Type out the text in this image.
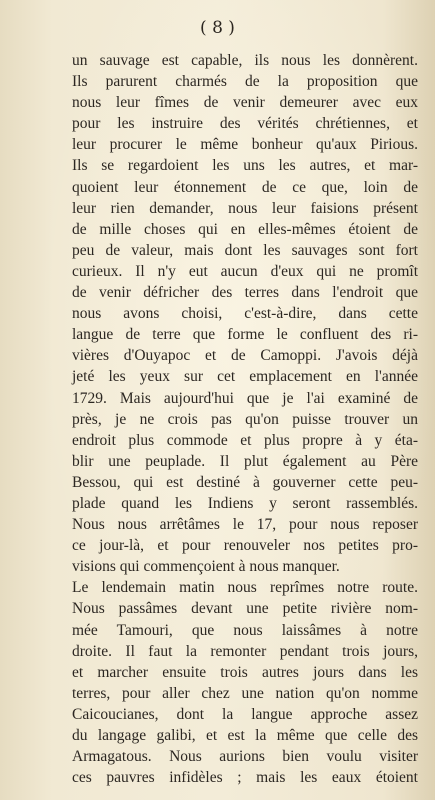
( 8 )
un sauvage est capable, ils nous les donnèrent.
Ils parurent charmés de la proposition que
nous leur fîmes de venir demeurer avec eux
pour les instruire des vérités chrétiennes, et
leur procurer le même bonheur qu'aux Pirious.
Ils se regardoient les uns les autres, et mar-
quoient leur étonnement de ce que, loin de
leur rien demander, nous leur faisions présent
de mille choses qui en elles-mêmes étoient de
peu de valeur, mais dont les sauvages sont fort
curieux. Il n'y eut aucun d'eux qui ne promît
de venir défricher des terres dans l'endroit que
nous avons choisi, c'est-à-dire, dans cette
langue de terre que forme le confluent des ri-
vières d'Ouyapoc et de Camoppi. J'avois déjà
jeté les yeux sur cet emplacement en l'année
1729. Mais aujourd'hui que je l'ai examiné de
près, je ne crois pas qu'on puisse trouver un
endroit plus commode et plus propre à y éta-
blir une peuplade. Il plut également au Père
Bessou, qui est destiné à gouverner cette peu-
plade quand les Indiens y seront rassemblés.
Nous nous arrêtâmes le 17, pour nous reposer
ce jour-là, et pour renouveler nos petites pro-
visions qui commençoient à nous manquer.
Le lendemain matin nous reprîmes notre route.
Nous passâmes devant une petite rivière nom-
mée Tamouri, que nous laissâmes à notre
droite. Il faut la remonter pendant trois jours,
et marcher ensuite trois autres jours dans les
terres, pour aller chez une nation qu'on nomme
Caicoucianes, dont la langue approche assez
du langage galibi, et est la même que celle des
Armagatous. Nous aurions bien voulu visiter
ces pauvres infidèles ; mais les eaux étoient
